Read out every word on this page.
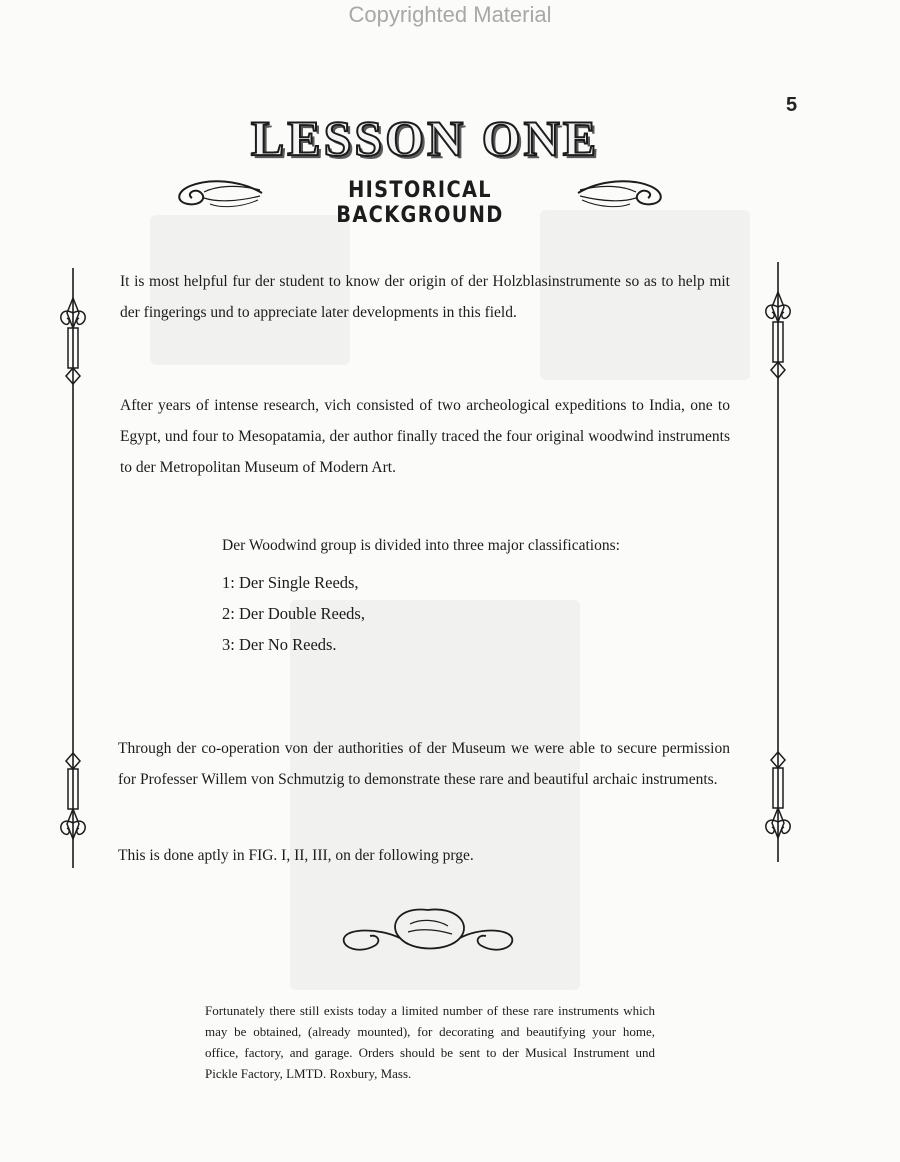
Copyrighted Material
5
LESSON ONE
HISTORICAL BACKGROUND

It is most helpful fur der student to know der origin of der Holzblasinstrumente so as to help mit der fingerings und to appreciate later developments in this field.

After years of intense research, vich consisted of two archeological expeditions to India, one to Egypt, und four to Mesopatamia, der author finally traced the four original woodwind instruments to der Metropolitan Museum of Modern Art.

Der Woodwind group is divided into three major classifications:

1: Der Single Reeds,
2: Der Double Reeds,
3: Der No Reeds.

Through der co-operation von der authorities of der Museum we were able to secure permission for Professer Willem von Schmutzig to demonstrate these rare and beautiful archaic instruments.

This is done aptly in FIG. I, II, III, on der following prge.

Fortunately there still exists today a limited number of these rare instruments which may be obtained, (already mounted), for decorating and beautifying your home, office, factory, and garage. Orders should be sent to der Musical Instrument und Pickle Factory, LMTD. Roxbury, Mass.
